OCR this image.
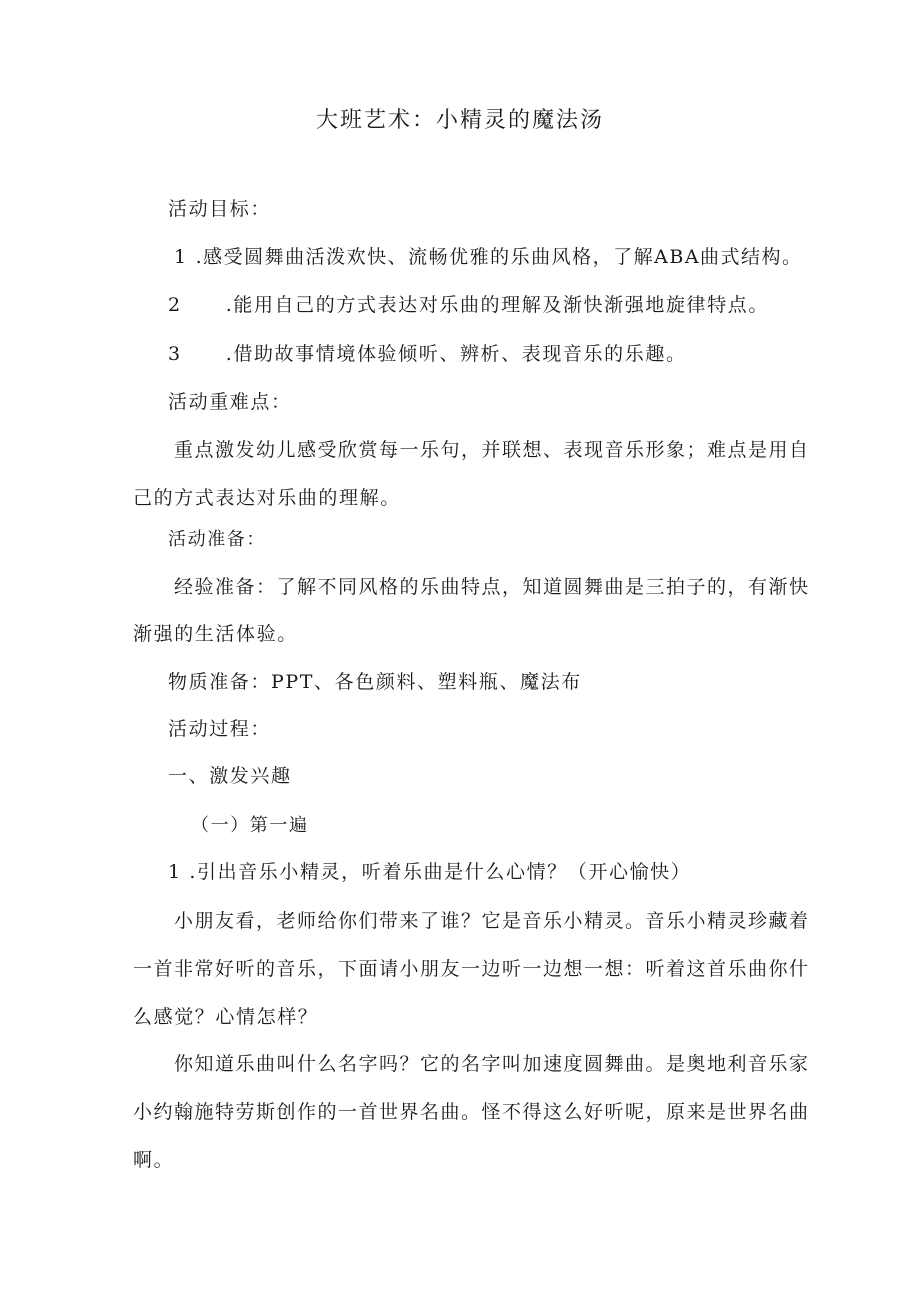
大班艺术：小精灵的魔法汤
活动目标：
1 .感受圆舞曲活泼欢快、流畅优雅的乐曲风格，了解ABA曲式结构。
2 .能用自己的方式表达对乐曲的理解及渐快渐强地旋律特点。
3 .借助故事情境体验倾听、辨析、表现音乐的乐趣。
活动重难点：
重点激发幼儿感受欣赏每一乐句，并联想、表现音乐形象；难点是用自
己的方式表达对乐曲的理解。
活动准备：
经验准备：了解不同风格的乐曲特点，知道圆舞曲是三拍子的，有渐快
渐强的生活体验。
物质准备：PPT、各色颜料、塑料瓶、魔法布
活动过程：
一、激发兴趣
（一）第一遍
1 .引出音乐小精灵，听着乐曲是什么心情？（开心愉快）
小朋友看，老师给你们带来了谁？它是音乐小精灵。音乐小精灵珍藏着
一首非常好听的音乐，下面请小朋友一边听一边想一想：听着这首乐曲你什
么感觉？心情怎样？
你知道乐曲叫什么名字吗？它的名字叫加速度圆舞曲。是奥地利音乐家
小约翰施特劳斯创作的一首世界名曲。怪不得这么好听呢，原来是世界名曲
啊。
